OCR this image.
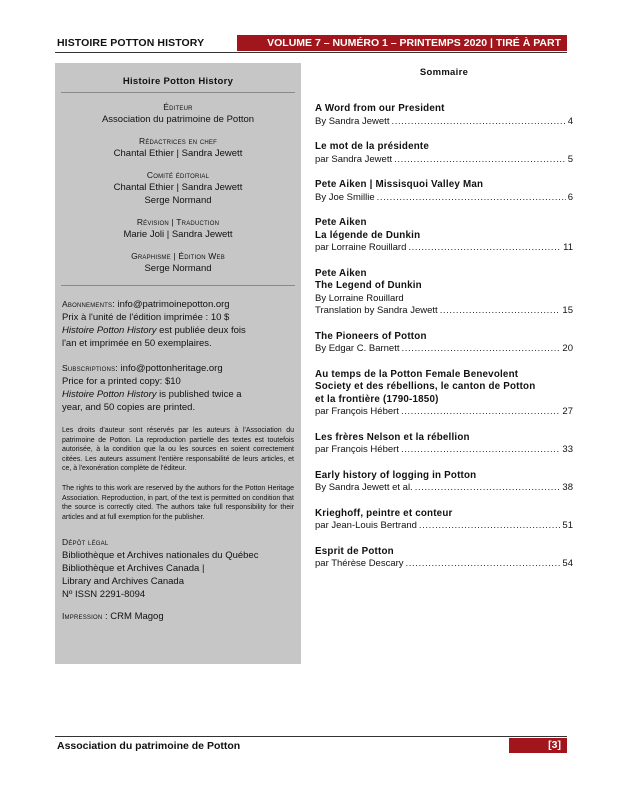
HISTOIRE POTTON HISTORY	VOLUME 7 – NUMÉRO 1 – PRINTEMPS 2020 | TIRÉ À PART
Histoire Potton History
Éditeur
Association du patrimoine de Potton
Rédactrices en chef
Chantal Ethier | Sandra Jewett
Comité éditorial
Chantal Ethier | Sandra Jewett
Serge Normand
Révision | Traduction
Marie Joli | Sandra Jewett
Graphisme | Édition Web
Serge Normand
Abonnements: info@patrimoinepotton.org
Prix à l'unité de l'édition imprimée : 10 $
Histoire Potton History est publiée deux fois
l'an et imprimée en 50 exemplaires.
Subscriptions: info@pottonheritage.org
Price for a printed copy: $10
Histoire Potton History is published twice a
year, and 50 copies are printed.
Les droits d'auteur sont réservés par les auteurs à l'Association du patrimoine de Potton. La reproduction partielle des textes est toutefois autorisée, à la condition que la ou les sources en soient correctement citées. Les auteurs assument l'entière responsabilité de leurs articles, et ce, à l'exonération complète de l'éditeur.
The rights to this work are reserved by the authors for the Potton Heritage Association. Reproduction, in part, of the text is permitted on condition that the source is correctly cited. The authors take full responsibility for their articles and at full exemption for the publisher.
Dépôt légal
Bibliothèque et Archives nationales du Québec
Bibliothèque et Archives Canada |
Library and Archives Canada
Nº ISSN 2291-8094
Impression : CRM Magog
Sommaire
A Word from our President
By Sandra Jewett .....	4
Le mot de la présidente
par Sandra Jewett .....	5
Pete Aiken | Missisquoi Valley Man
By Joe Smillie .....	6
Pete Aiken
La légende de Dunkin
par Lorraine Rouillard .....	11
Pete Aiken
The Legend of Dunkin
By Lorraine Rouillard
Translation by Sandra Jewett .....	15
The Pioneers of Potton
By Edgar C. Barnett .....	20
Au temps de la Potton Female Benevolent
Society et des rébellions, le canton de Potton
et la frontière (1790-1850)
par François Hébert .....	27
Les frères Nelson et la rébellion
par François Hébert .....	33
Early history of logging in Potton
By Sandra Jewett et al. .....	38
Krieghoff, peintre et conteur
par Jean-Louis Bertrand .....	51
Esprit de Potton
par Thérèse Descary .....	54
Association du patrimoine de Potton	[3]
